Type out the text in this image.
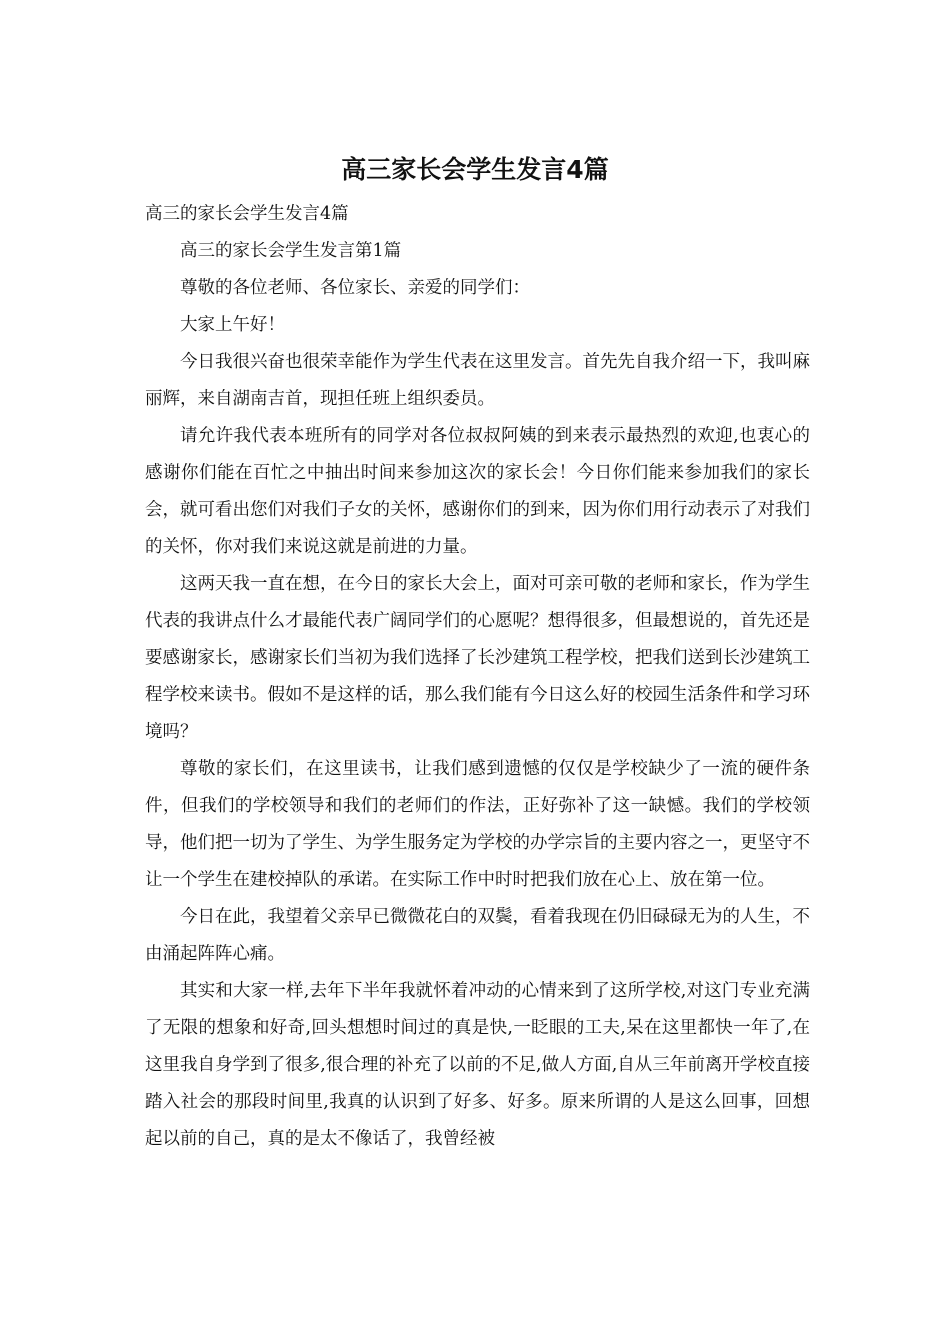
高三家长会学生发言4篇

高三的家长会学生发言4篇

高三的家长会学生发言第1篇

尊敬的各位老师、各位家长、亲爱的同学们：

大家上午好！

今日我很兴奋也很荣幸能作为学生代表在这里发言。首先先自我介绍一下，我叫麻丽辉，来自湖南吉首，现担任班上组织委员。

请允许我代表本班所有的同学对各位叔叔阿姨的到来表示最热烈的欢迎,也衷心的感谢你们能在百忙之中抽出时间来参加这次的家长会！今日你们能来参加我们的家长会，就可看出您们对我们子女的关怀，感谢你们的到来，因为你们用行动表示了对我们的关怀，你对我们来说这就是前进的力量。

这两天我一直在想，在今日的家长大会上，面对可亲可敬的老师和家长，作为学生代表的我讲点什么才最能代表广阔同学们的心愿呢？想得很多，但最想说的，首先还是要感谢家长，感谢家长们当初为我们选择了长沙建筑工程学校，把我们送到长沙建筑工程学校来读书。假如不是这样的话，那么我们能有今日这么好的校园生活条件和学习环境吗？

尊敬的家长们，在这里读书，让我们感到遗憾的仅仅是学校缺少了一流的硬件条件，但我们的学校领导和我们的老师们的作法，正好弥补了这一缺憾。我们的学校领导，他们把一切为了学生、为学生服务定为学校的办学宗旨的主要内容之一，更坚守不让一个学生在建校掉队的承诺。在实际工作中时时把我们放在心上、放在第一位。

今日在此，我望着父亲早已微微花白的双鬓，看着我现在仍旧碌碌无为的人生，不由涌起阵阵心痛。

其实和大家一样,去年下半年我就怀着冲动的心情来到了这所学校,对这门专业充满了无限的想象和好奇,回头想想时间过的真是快,一眨眼的工夫,呆在这里都快一年了,在这里我自身学到了很多,很合理的补充了以前的不足,做人方面,自从三年前离开学校直接踏入社会的那段时间里,我真的认识到了好多、好多。原来所谓的人是这么回事，回想起以前的自己，真的是太不像话了，我曾经被
